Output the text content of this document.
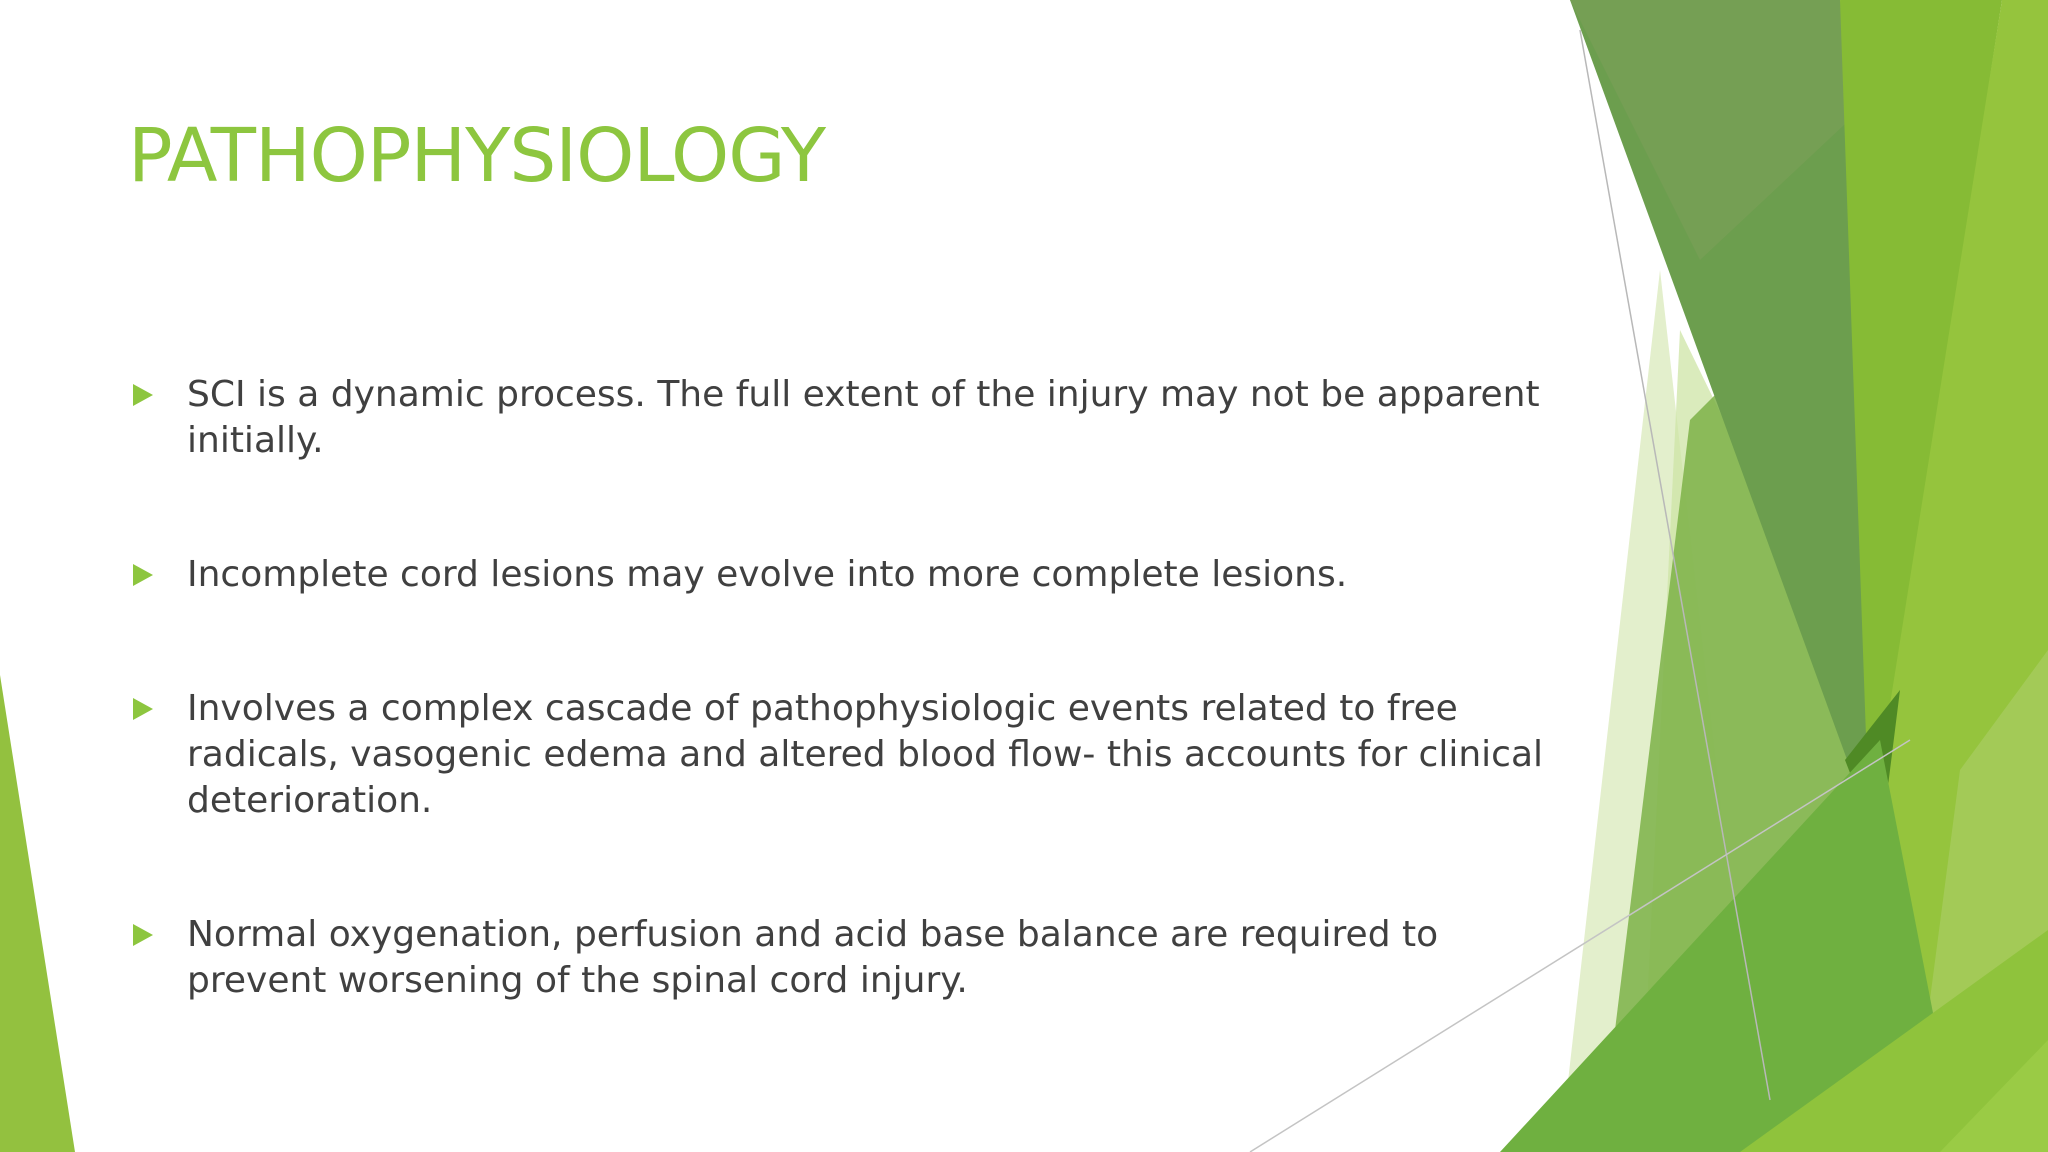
PATHOPHYSIOLOGY
SCI is a dynamic process. The full extent of the injury may not be apparent initially.
Incomplete cord lesions may evolve into more complete lesions.
Involves a complex cascade of pathophysiologic events related to free radicals, vasogenic edema and altered blood flow- this accounts for clinical deterioration.
Normal oxygenation, perfusion and acid base balance are required to prevent worsening of the spinal cord injury.
